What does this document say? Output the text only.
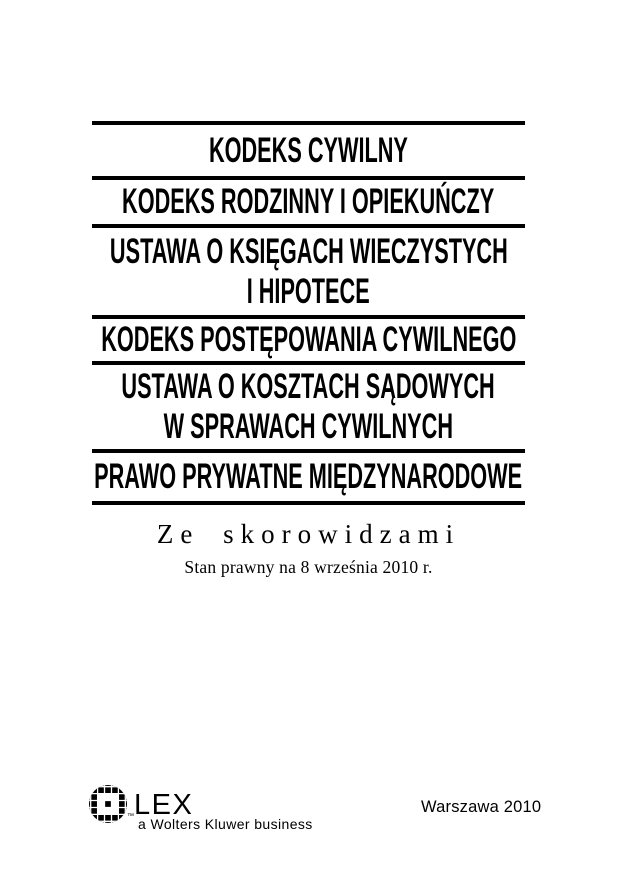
KODEKS CYWILNY
KODEKS RODZINNY I OPIEKUŃCZY
USTAWA O KSIĘGACH WIECZYSTYCH
I HIPOTECE
KODEKS POSTĘPOWANIA CYWILNEGO
USTAWA O KOSZTACH SĄDOWYCH
W SPRAWACH CYWILNYCH
PRAWO PRYWATNE MIĘDZYNARODOWE
Ze skorowidzami
Stan prawny na 8 września 2010 r.
™ LEX
a Wolters Kluwer business
Warszawa 2010
